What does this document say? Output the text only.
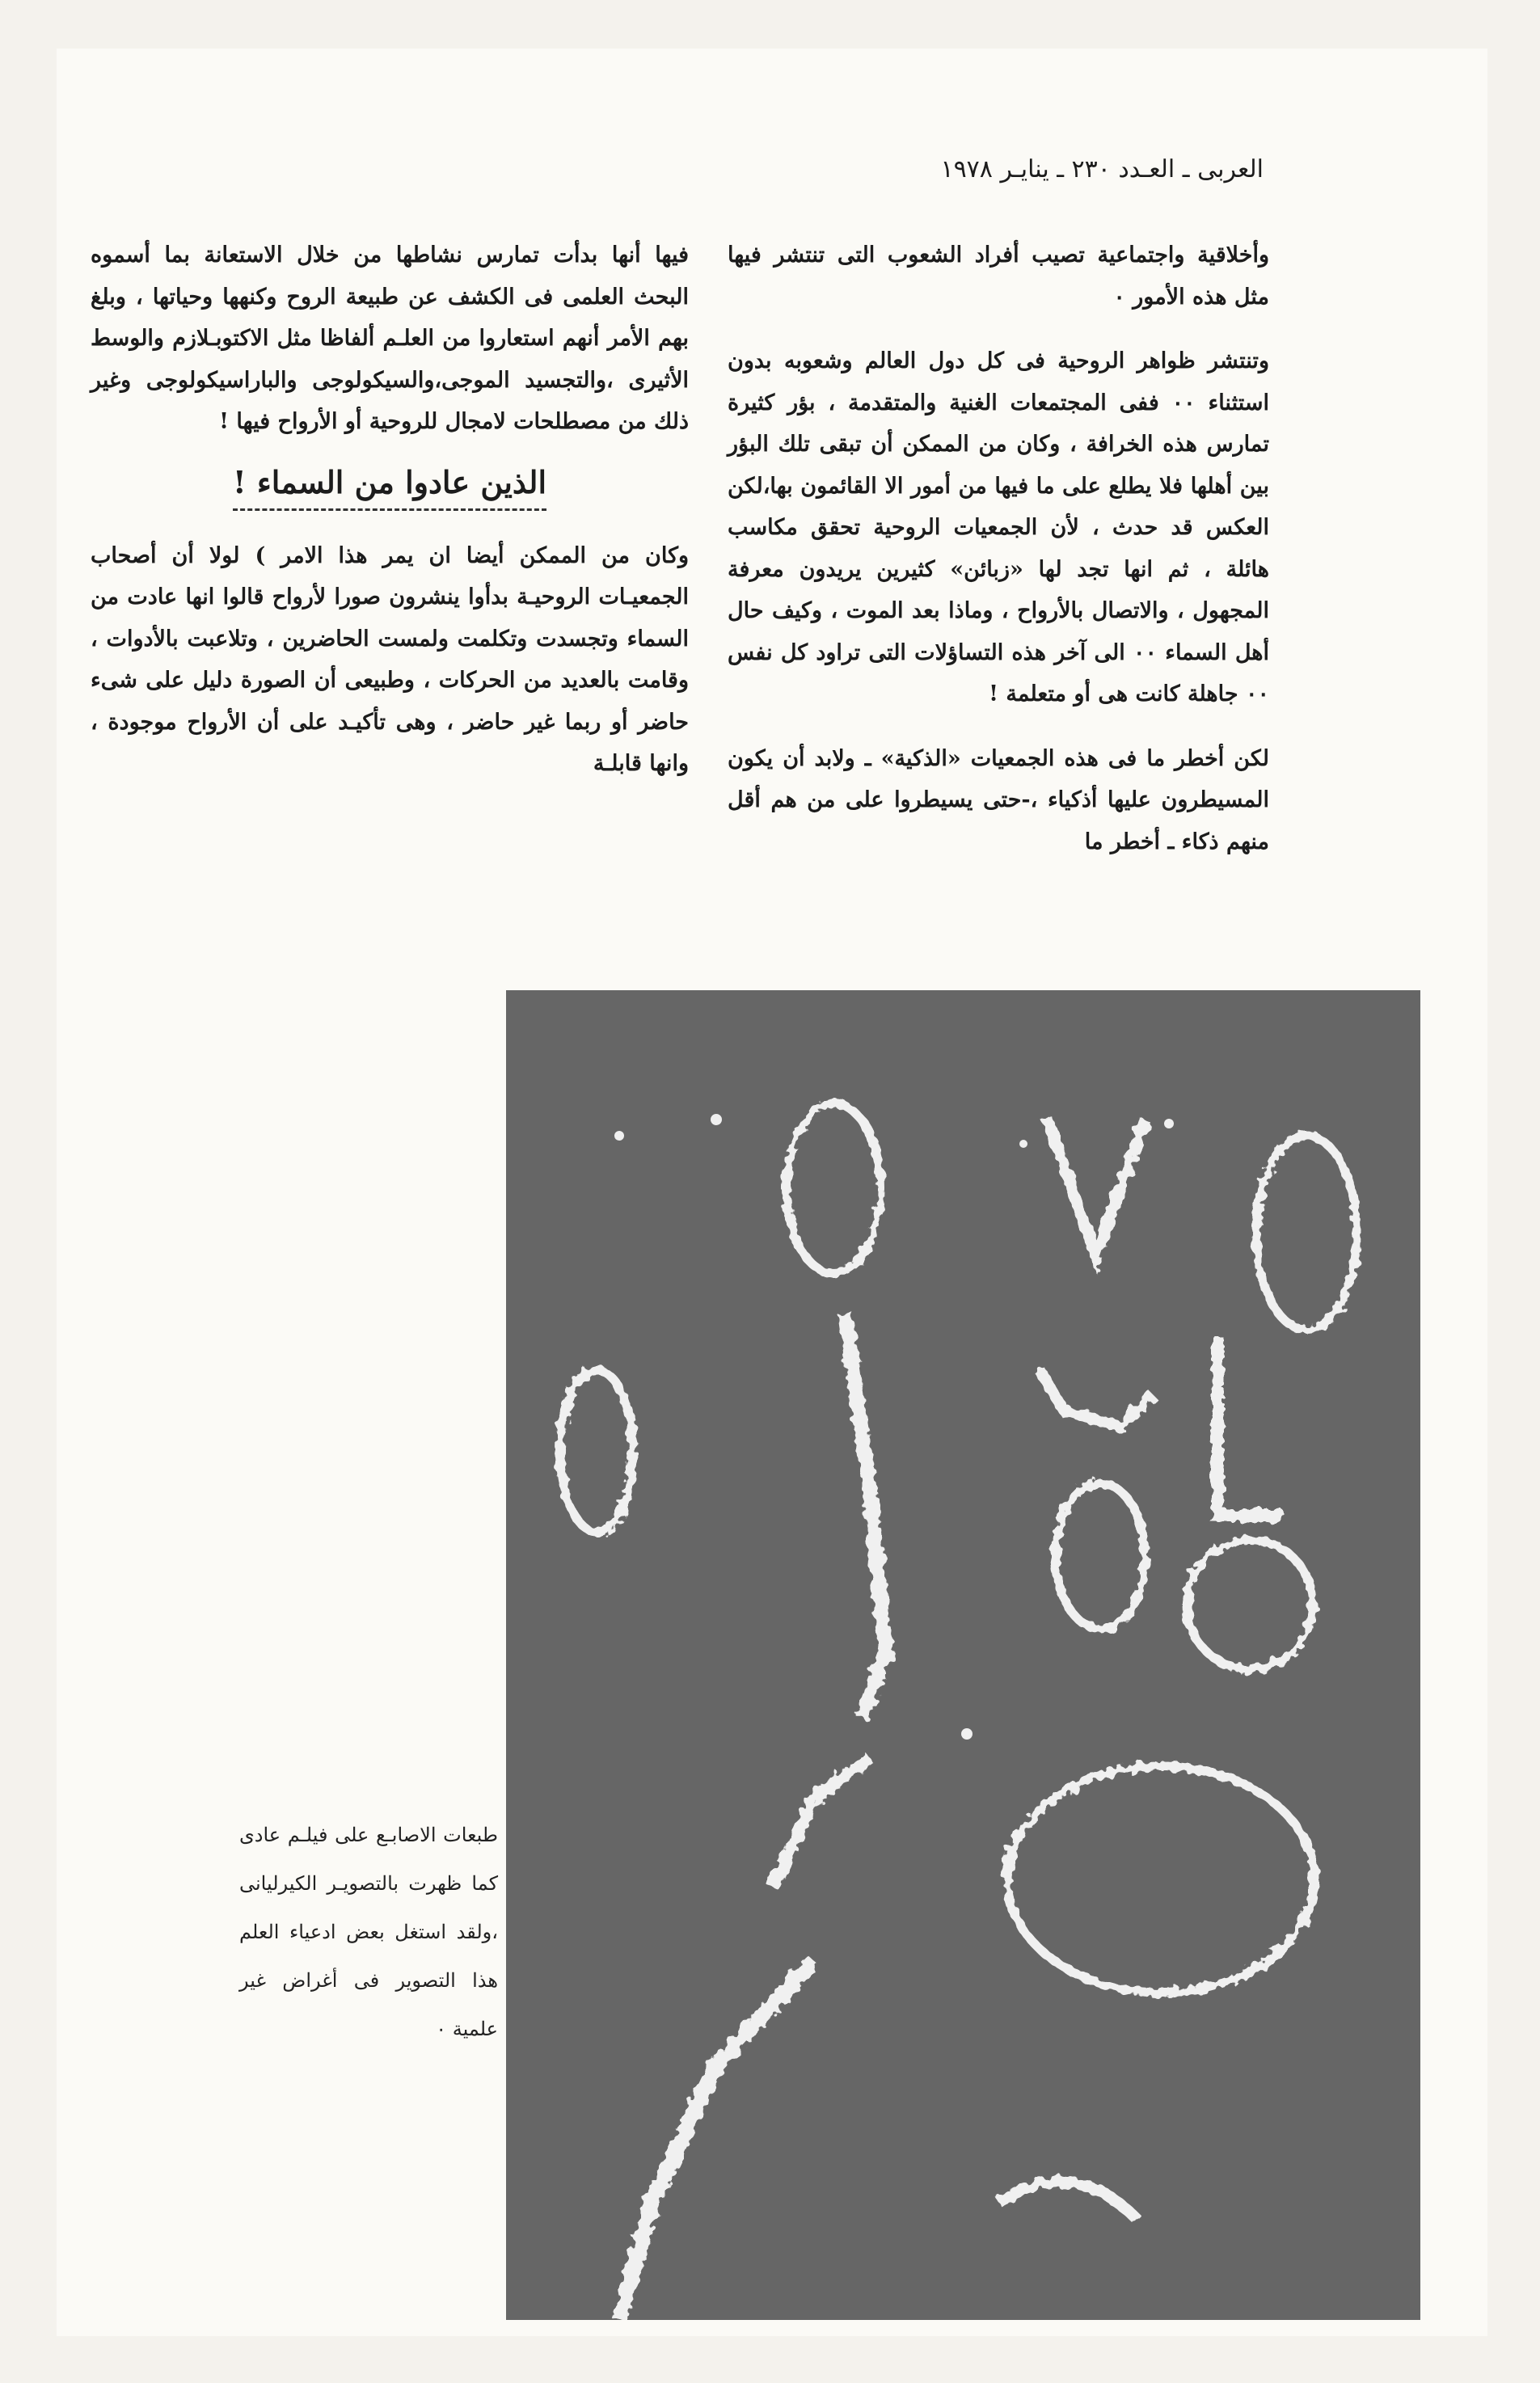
العربى ـ العـدد ٢٣٠ ـ ينايـر ١٩٧٨

وأخلاقية واجتماعية تصيب أفراد الشعوب التى تنتشر فيها مثل هذه الأمور ٠

وتنتشر ظواهر الروحية فى كل دول العالم وشعوبه بدون استثناء ٠٠ ففى المجتمعات الغنية والمتقدمة ، بؤر كثيرة تمارس هذه الخرافة ، وكان من الممكن أن تبقى تلك البؤر بين أهلها فلا يطلع على ما فيها من أمور الا القائمون بها،لكن العكس قد حدث ، لأن الجمعيات الروحية تحقق مكاسب هائلة ، ثم انها تجد لها «زبائن» كثيرين يريدون معرفة المجهول ، والاتصال بالأرواح ، وماذا بعد الموت ، وكيف حال أهل السماء ٠٠ الى آخر هذه التساؤلات التى تراود كل نفس ٠٠ جاهلة كانت هى أو متعلمة !

لكن أخطر ما فى هذه الجمعيات «الذكية» ـ ولابد أن يكون المسيطرون عليها أذكياء ،-حتى يسيطروا على من هم أقل منهم ذكاء ـ أخطر ما

فيها أنها بدأت تمارس نشاطها من خلال الاستعانة بما أسموه البحث العلمى فى الكشف عن طبيعة الروح وكنهها وحياتها ، وبلغ بهم الأمر أنهم استعاروا من العلـم ألفاظا مثل الاكتوبـلازم والوسط الأثيرى ،والتجسيد الموجى،والسيكولوجى والباراسيكولوجى وغير ذلك من مصطلحات لامجال للروحية أو الأرواح فيها !

الذين عادوا من السماء !

وكان من الممكن أيضا ان يمر هذا الامر ) لولا أن أصحاب الجمعيـات الروحيـة بدأوا ينشرون صورا لأرواح قالوا انها عادت من السماء وتجسدت وتكلمت ولمست الحاضرين ، وتلاعبت بالأدوات ، وقامت بالعديد من الحركات ، وطبيعى أن الصورة دليل على شىء حاضر أو ربما غير حاضر ، وهى تأكيـد على أن الأرواح موجودة ، وانها قابلـة

طبعات الاصابـع على فيلـم عادى كما ظهرت بالتصويـر الكيرليانى ،ولقد استغل بعض ادعياء العلم هذا التصوير فى أغراض غير علمية ٠
